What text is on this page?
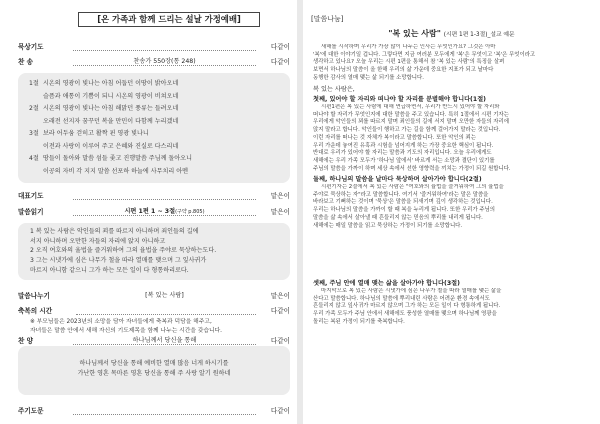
[온 가족과 함께 드리는 설날 가정예배]
묵상기도	다같이
찬 송	찬송가 550장(통 248)	다같이
1절 시온의 영광이 빛나는 아침 어둡던 이땅이 밝아오네
슬픔과 애통이 기쁨이 되니 시온의 영광이 비쳐오네
2절 시온의 영광이 빛나는 아침 해맑던 풍류는 들려오네
오래전 선지자 꿈꾸던 복을 만민이 다함께 누리겠네
3절 보라 어두움 걷히고 활짝 핀 영광 빛나니
이전과 사랑이 이루어 주고 은혜와 진실로 다스리네
4절 땅들이 돌아와 말씀 섬들 좇고 진행말씀 주님께 돌아오니
이공의 자비 각 지지 말씀 선포하 하늘에 사무치리 아멘
대표기도	맡은이
말씀읽기	시편 1편 1 ~ 3절(구약 p.805)	맡은이

1 복 있는 사람은 악인들의 꾀를 따르지 아니하며 죄인들의 길에

서지 아니하며 오만한 자들의 자리에 앉지 아니하고

2 오직 여호와의 율법을 즐거워하여 그의 율법을 주야로 묵상하는도다.

3 그는 시냇가에 심은 나무가 철을 따라 열매를 맺으며 그 잎사귀가

마르지 아니함 같으니 그가 하는 모든 일이 다 형통하리로다.

말씀나누기	[복 있는 사람]	맡은이
축복의 시간	다같이
※ 부모님들은 2023년의 소망을 담아 자녀들에게 축복과 덕담을 해주고,
자녀들은 말씀 안에서 새해 자신의 기도제목을 함께 나누는 시간을 갖습니다.
찬 양	하나님께서 당신을 통해	다같이

하나님께서 당신을 통해 예비한 열매 많음 너게 하시기를

가난한 영혼 목마른 영혼 당신을 통해 주 사랑 알기 원하네

주기도문	다같이
[말씀나눔]
"복 있는 사람" (시편 1편 1-3절)_설교 예문

새해를 시작하며 우리가 가장 많이 나누는 인사는 무엇인가요? 그것은 아마

'복'에 대한 이야기일 겁니다. 그렇다면 지금 여러분 모두에게 '복'은 무엇이고 '복'은 무엇이라고

생각하고 있나요? 오늘 우리는 시편 1편을 통해서 참 '복 있는 사람'의 특징을 살펴

보면서 하나님의 말씀이 올 한해 우리의 삶 가운데 중요한 지표가 되고 날마다

동행한 감사의 열매 맺는 삶 되기를 소망합니다.

복 있는 사람은,
첫째, 있어야 할 자리와 떠나야 할 자리를 분별해야 합니다(1절)

시편1편은 복 있는 사람에 대해 연급하면서, 우리가 반드시 있어야 할 자리와

떠나야 할 자리가 무엇인지에 대한 말씀을 주고 있습니다. 특히 1절에서 시편 기자는

우리에게 악인들의 꾀를 따르지 말며 죄인들의 길에 서지 말며 오만한 자들의 자리에

앉지 말라고 합니다. 악인들이 행하고 가는 길을 함께 걸어가지 말라는 것입니다.

이런 자리를 떠나는 것 자체가 복이라고 말씀합니다. 또한 악인의 꾀는

우리 가운데 놓여진 유혹과 시험을 넘어지게 하는 가장 중요한 핵심이 됩니다.

반대로 우리가 있어야 할 자리는 말씀과 기도의 자리입니다. 오늘 우리에게도

새해에는 우리 가족 모두가 '하나님 앞에서' 바르게 서는 소망과 결단이 있기를

주님의 말씀을 가까이 하며 세상 속에서 선한 영향력을 끼치는 가정이 되길 원합니다.

둘째, 하나님의 말씀을 날마다 묵상하며 살아가야 합니다(2절)

시편기자는 2절에서 복 있는 사람은 "여호와의 율법을 즐거워하여 그의 율법을

주야로 묵상하는 자"라고 말씀합니다. 여기서 '즐거워하여'라는 말은 말씀을

바라보고 기뻐하는 것이며 '묵상'은 말씀을 되새기며 깊이 생각하는 것입니다.

우리는 하나님의 말씀을 가까이 할 때 복을 누리게 됩니다. 또한 우리가 주님의

말씀을 삶 속에서 살아낼 때 흔들리지 않는 믿음의 뿌리를 내리게 됩니다.

새해에는 매일 말씀을 읽고 묵상하는 가정이 되기를 소망합니다.

셋째, 주님 안에 열매 맺는 삶을 살아가야 합니다(3절)

마지막으로 복 있는 사람은 시냇가에 심은 나무가 철을 따라 열매를 맺는 삶을

산다고 말씀합니다. 하나님의 말씀에 뿌리내린 사람은 어려운 환경 속에서도

흔들리지 않고 잎사귀가 마르지 않으며 그가 하는 모든 일이 다 형통하게 됩니다.

우리 가족 모두가 주님 안에서 새해에도 풍성한 열매를 맺으며 하나님께 영광을

돌리는 복된 가정이 되기를 축복합니다.
